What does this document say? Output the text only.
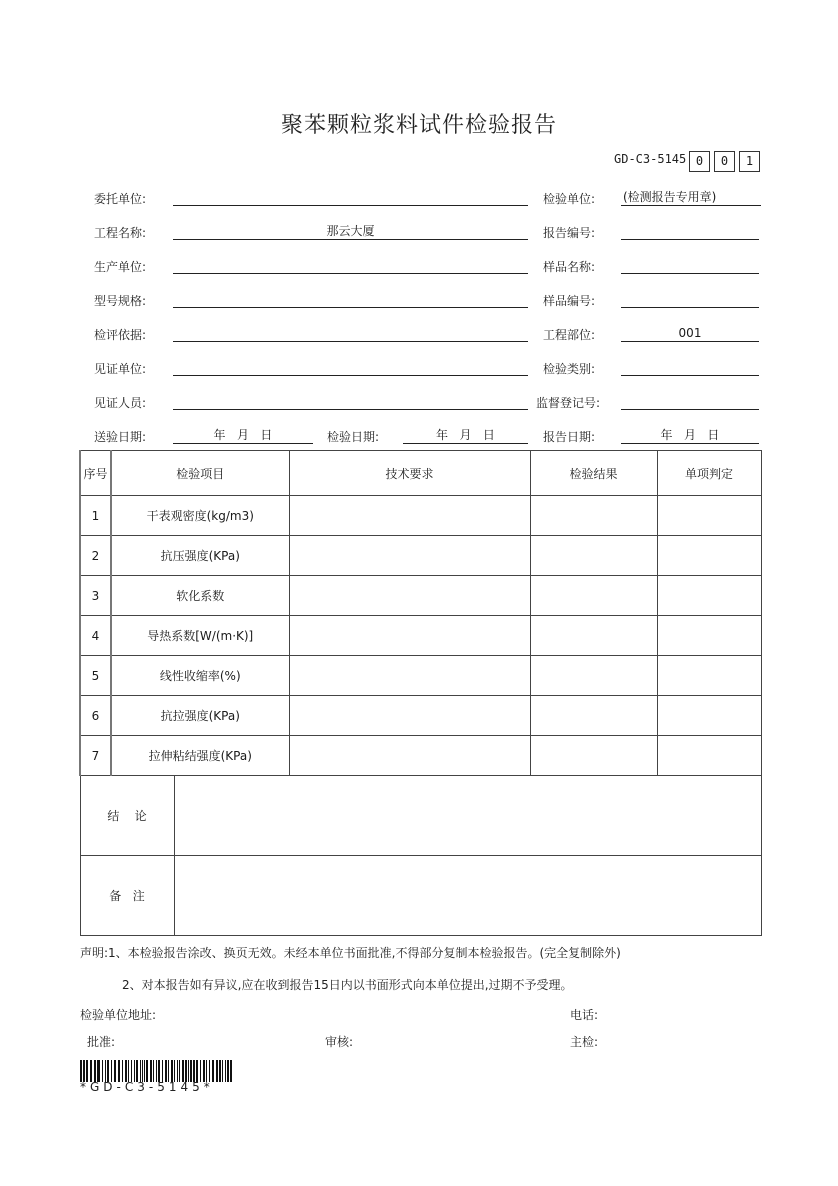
聚苯颗粒浆料试件检验报告
GD-C3-5145 0	0	1
委托单位:
工程名称:	那云大厦
生产单位:
型号规格:
检评依据:
见证单位:
见证人员:
检验单位: (检测报告专用章)
报告编号:
样品名称:
样品编号:
工程部位:	001
检验类别:
监督登记号:
送验日期:	年   月   日	检验日期:	年   月   日	报告日期:	年   月   日
序号	检验项目		技术要求	检验结果	单项判定
1	干表观密度(kg/m3)				
2	抗压强度(KPa)				
3	软化系数				
4	导热系数[W/(m·K)]				
5	线性收缩率(%)				
6	抗拉强度(KPa)				
7	拉伸粘结强度(KPa)				
结    论					
备   注					
声明:1、本检验报告涂改、换页无效。未经本单位书面批准,不得部分复制本检验报告。(完全复制除外)
2、对本报告如有异议,应在收到报告15日内以书面形式向本单位提出,过期不予受理。
检验单位地址:	电话:
批准:	审核:	主检:
*GD-C3-5145*
